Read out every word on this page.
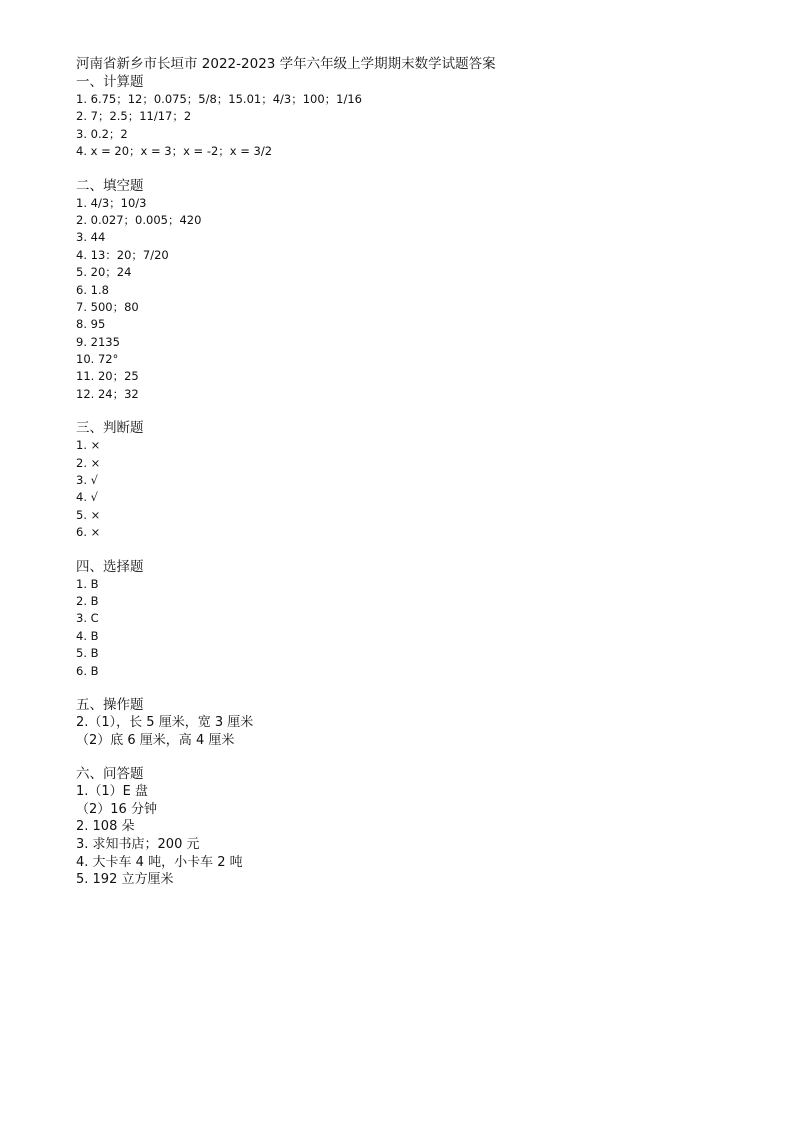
河南省新乡市长垣市 2022-2023 学年六年级上学期期末数学试题答案
一、计算题
1. 6.75；12；0.075；5/8；15.01；4/3；100；1/16
2. 7；2.5；11/17；2
3. 0.2；2
4. x = 20；x = 3；x = -2；x = 3/2
二、填空题
1. 4/3；10/3
2. 0.027；0.005；420
3. 44
4. 13：20；7/20
5. 20；24
6. 1.8
7. 500；80
8. 95
9. 2135
10. 72°
11. 20；25
12. 24；32
三、判断题
1. ×
2. ×
3. √
4. √
5. ×
6. ×
四、选择题
1. B
2. B
3. C
4. B
5. B
6. B
五、操作题
2.（1），长 5 厘米，宽 3 厘米
（2）底 6 厘米，高 4 厘米
六、问答题
1.（1）E 盘
（2）16 分钟
2. 108 朵
3. 求知书店；200 元
4. 大卡车 4 吨，小卡车 2 吨
5. 192 立方厘米
